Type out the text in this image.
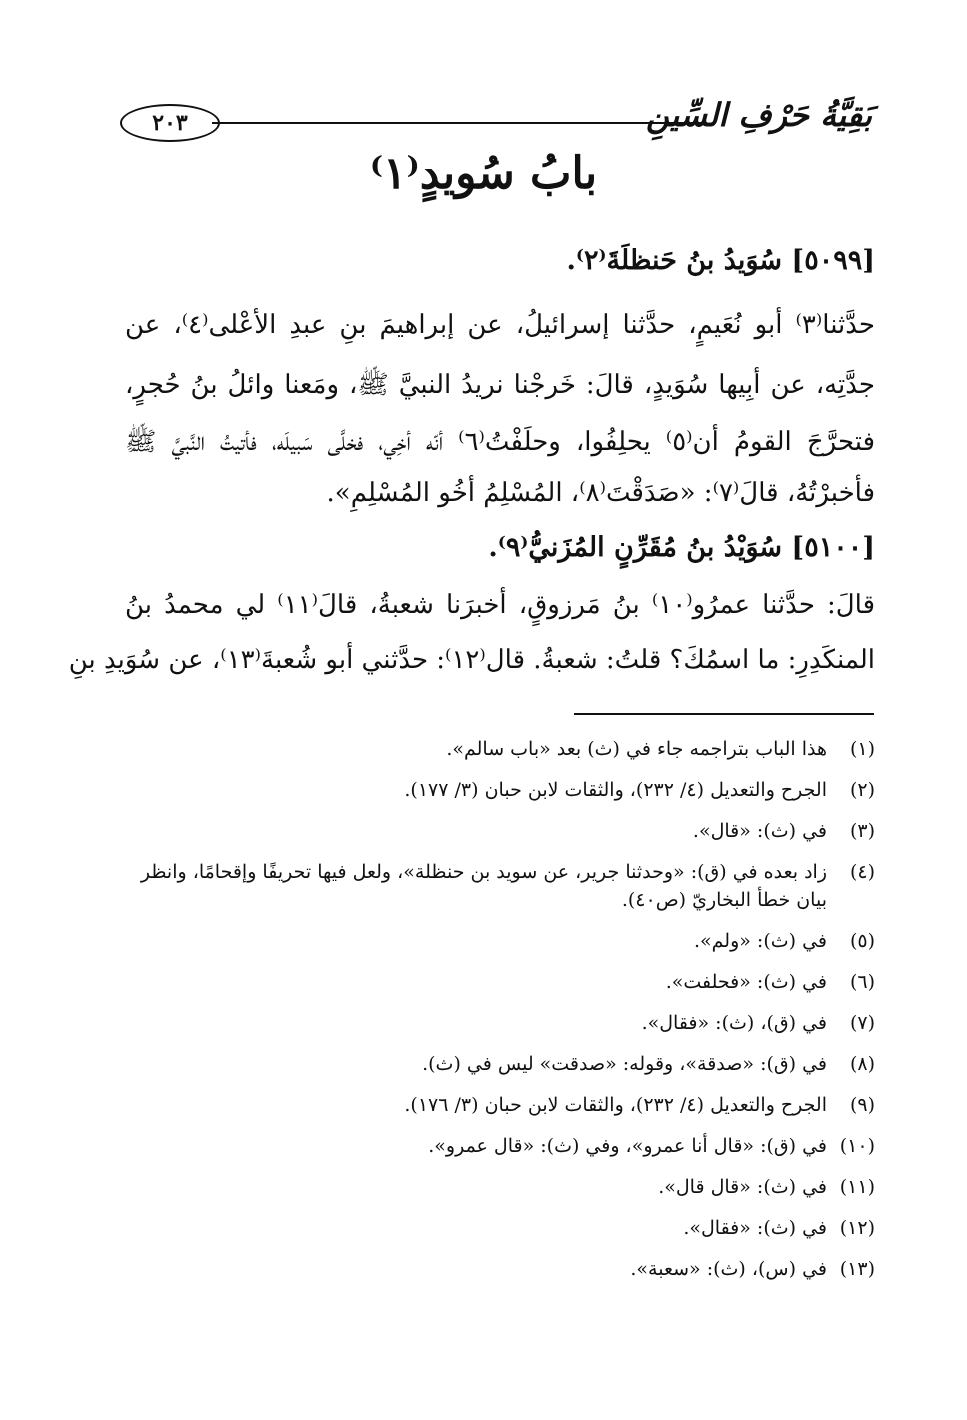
بَقِيَّةُ حَرْفِ السِّينِ
٢٠٣
بابُ سُويدٍ⁽١⁾
[٥٠٩٩] سُوَيدُ بنُ حَنظلَةَ⁽٢⁾.
حدَّثنا⁽٣⁾ أبو نُعَيمٍ، حدَّثنا إسرائيلُ، عن إبراهيمَ بنِ عبدِ الأعْلى⁽٤⁾، عن
جدَّتِه، عن أبِيها سُوَيدٍ، قالَ: خَرجْنا نريدُ النبيَّ ﷺ، ومَعنا وائلُ بنُ حُجرٍ،
فتحرَّجَ القومُ أن⁽٥⁾ يحلِفُوا، وحلَفْتُ⁽٦⁾ أنّه أخِي، فخلَّى سَبيلَه، فأتيتُ النَّبيَّ ﷺ
فأخبرْتُهُ، قالَ⁽٧⁾: «صَدَقْتَ⁽٨⁾، المُسْلِمُ أخُو المُسْلِمِ».
[٥١٠٠] سُوَيْدُ بنُ مُقَرِّنٍ المُزَنيُّ⁽٩⁾.
قالَ: حدَّثنا عمرُو⁽١٠⁾ بنُ مَرزوقٍ، أخبرَنا شعبةُ، قالَ⁽١١⁾ لي محمدُ بنُ
المنكَدِرِ: ما اسمُكَ؟ قلتُ: شعبةُ. قال⁽١٢⁾: حدَّثني أبو شُعبةَ⁽١٣⁾، عن سُوَيدِ بنِ
(١)
هذا الباب بتراجمه جاء في (ث) بعد «باب سالم».
(٢)
الجرح والتعديل (٤/ ٢٣٢)، والثقات لابن حبان (٣/ ١٧٧).
(٣)
في (ث): «قال».
(٤)
زاد بعده في (ق): «وحدثنا جرير، عن سويد بن حنظلة»، ولعل فيها تحريفًا وإقحامًا، وانظر بيان خطأ البخاريّ (ص٤٠).
(٥)
في (ث): «ولم».
(٦)
في (ث): «فحلفت».
(٧)
في (ق)، (ث): «فقال».
(٨)
في (ق): «صدقة»، وقوله: «صدقت» ليس في (ث).
(٩)
الجرح والتعديل (٤/ ٢٣٢)، والثقات لابن حبان (٣/ ١٧٦).
(١٠)
في (ق): «قال أنا عمرو»، وفي (ث): «قال عمرو».
(١١)
في (ث): «قال قال».
(١٢)
في (ث): «فقال».
(١٣)
في (س)، (ث): «سعبة».
